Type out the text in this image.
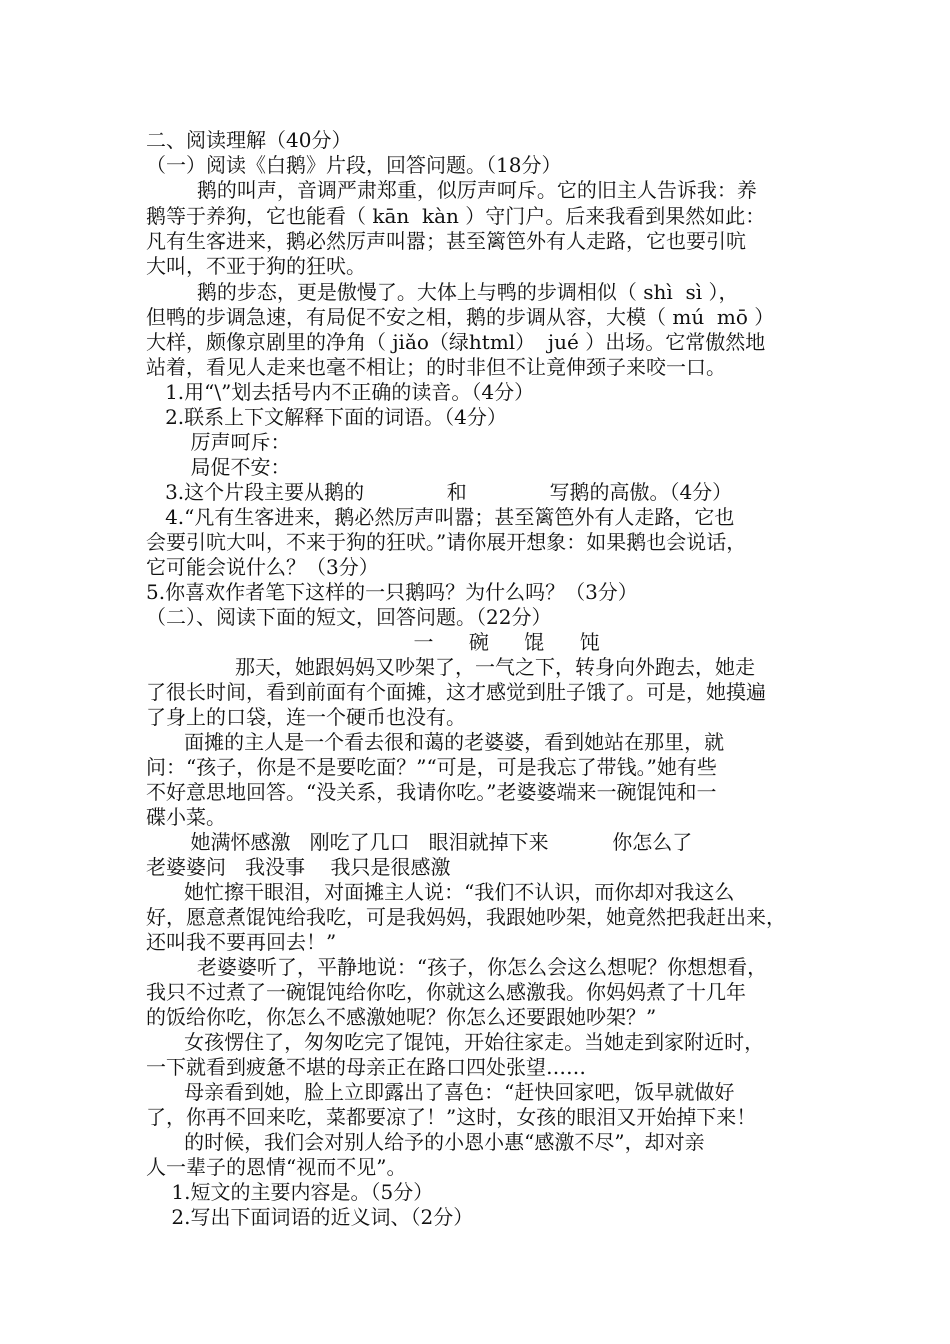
二、阅读理解（40分）
（一）阅读《白鹅》片段，回答问题。（18分）
鹅的叫声，音调严肃郑重，似厉声呵斥。它的旧主人告诉我：养
鹅等于养狗，它也能看（ kān  kàn ）守门户。后来我看到果然如此：
凡有生客进来，鹅必然厉声叫嚣；甚至篱笆外有人走路，它也要引吭
大叫，不亚于狗的狂吠。
鹅的步态，更是傲慢了。大体上与鸭的步调相似（ shì  sì ），
但鸭的步调急速，有局促不安之相，鹅的步调从容，大模（ mú  mō ）
大样，颇像京剧里的净角（ jiǎo（绿html）  jué ）出场。它常傲然地
站着，看见人走来也毫不相让；的时非但不让竟伸颈子来咬一口。
1.用“\”划去括号内不正确的读音。（4分）
2.联系上下文解释下面的词语。（4分）
厉声呵斥：
局促不安：
3.这个片段主要从鹅的             和             写鹅的高傲。（4分）
4.“凡有生客进来，鹅必然厉声叫嚣；甚至篱笆外有人走路，它也
会要引吭大叫，不来于狗的狂吠。”请你展开想象：如果鹅也会说话，
它可能会说什么？（3分）
5.你喜欢作者笔下这样的一只鹅吗？为什么吗？（3分）
（二）、阅读下面的短文，回答问题。（22分）
一    碗    馄    饨
那天，她跟妈妈又吵架了，一气之下，转身向外跑去，她走
了很长时间，看到前面有个面摊，这才感觉到肚子饿了。可是，她摸遍
了身上的口袋，连一个硬币也没有。
面摊的主人是一个看去很和蔼的老婆婆，看到她站在那里，就
问：“孩子，你是不是要吃面？”“可是，可是我忘了带钱。”她有些
不好意思地回答。“没关系，我请你吃。”老婆婆端来一碗馄饨和一
碟小菜。
她满怀感激   刚吃了几口   眼泪就掉下来          你怎么了
老婆婆问   我没事    我只是很感激
她忙擦干眼泪，对面摊主人说：“我们不认识，而你却对我这么
好，愿意煮馄饨给我吃，可是我妈妈，我跟她吵架，她竟然把我赶出来，
还叫我不要再回去！”
老婆婆听了，平静地说：“孩子，你怎么会这么想呢？你想想看，
我只不过煮了一碗馄饨给你吃，你就这么感激我。你妈妈煮了十几年
的饭给你吃，你怎么不感激她呢？你怎么还要跟她吵架？”
女孩愣住了，匆匆吃完了馄饨，开始往家走。当她走到家附近时，
一下就看到疲惫不堪的母亲正在路口四处张望……
母亲看到她，脸上立即露出了喜色：“赶快回家吧，饭早就做好
了，你再不回来吃，菜都要凉了！”这时，女孩的眼泪又开始掉下来！
的时候，我们会对别人给予的小恩小惠“感激不尽”，却对亲
人一辈子的恩情“视而不见”。
1.短文的主要内容是。（5分）
2.写出下面词语的近义词、（2分）
